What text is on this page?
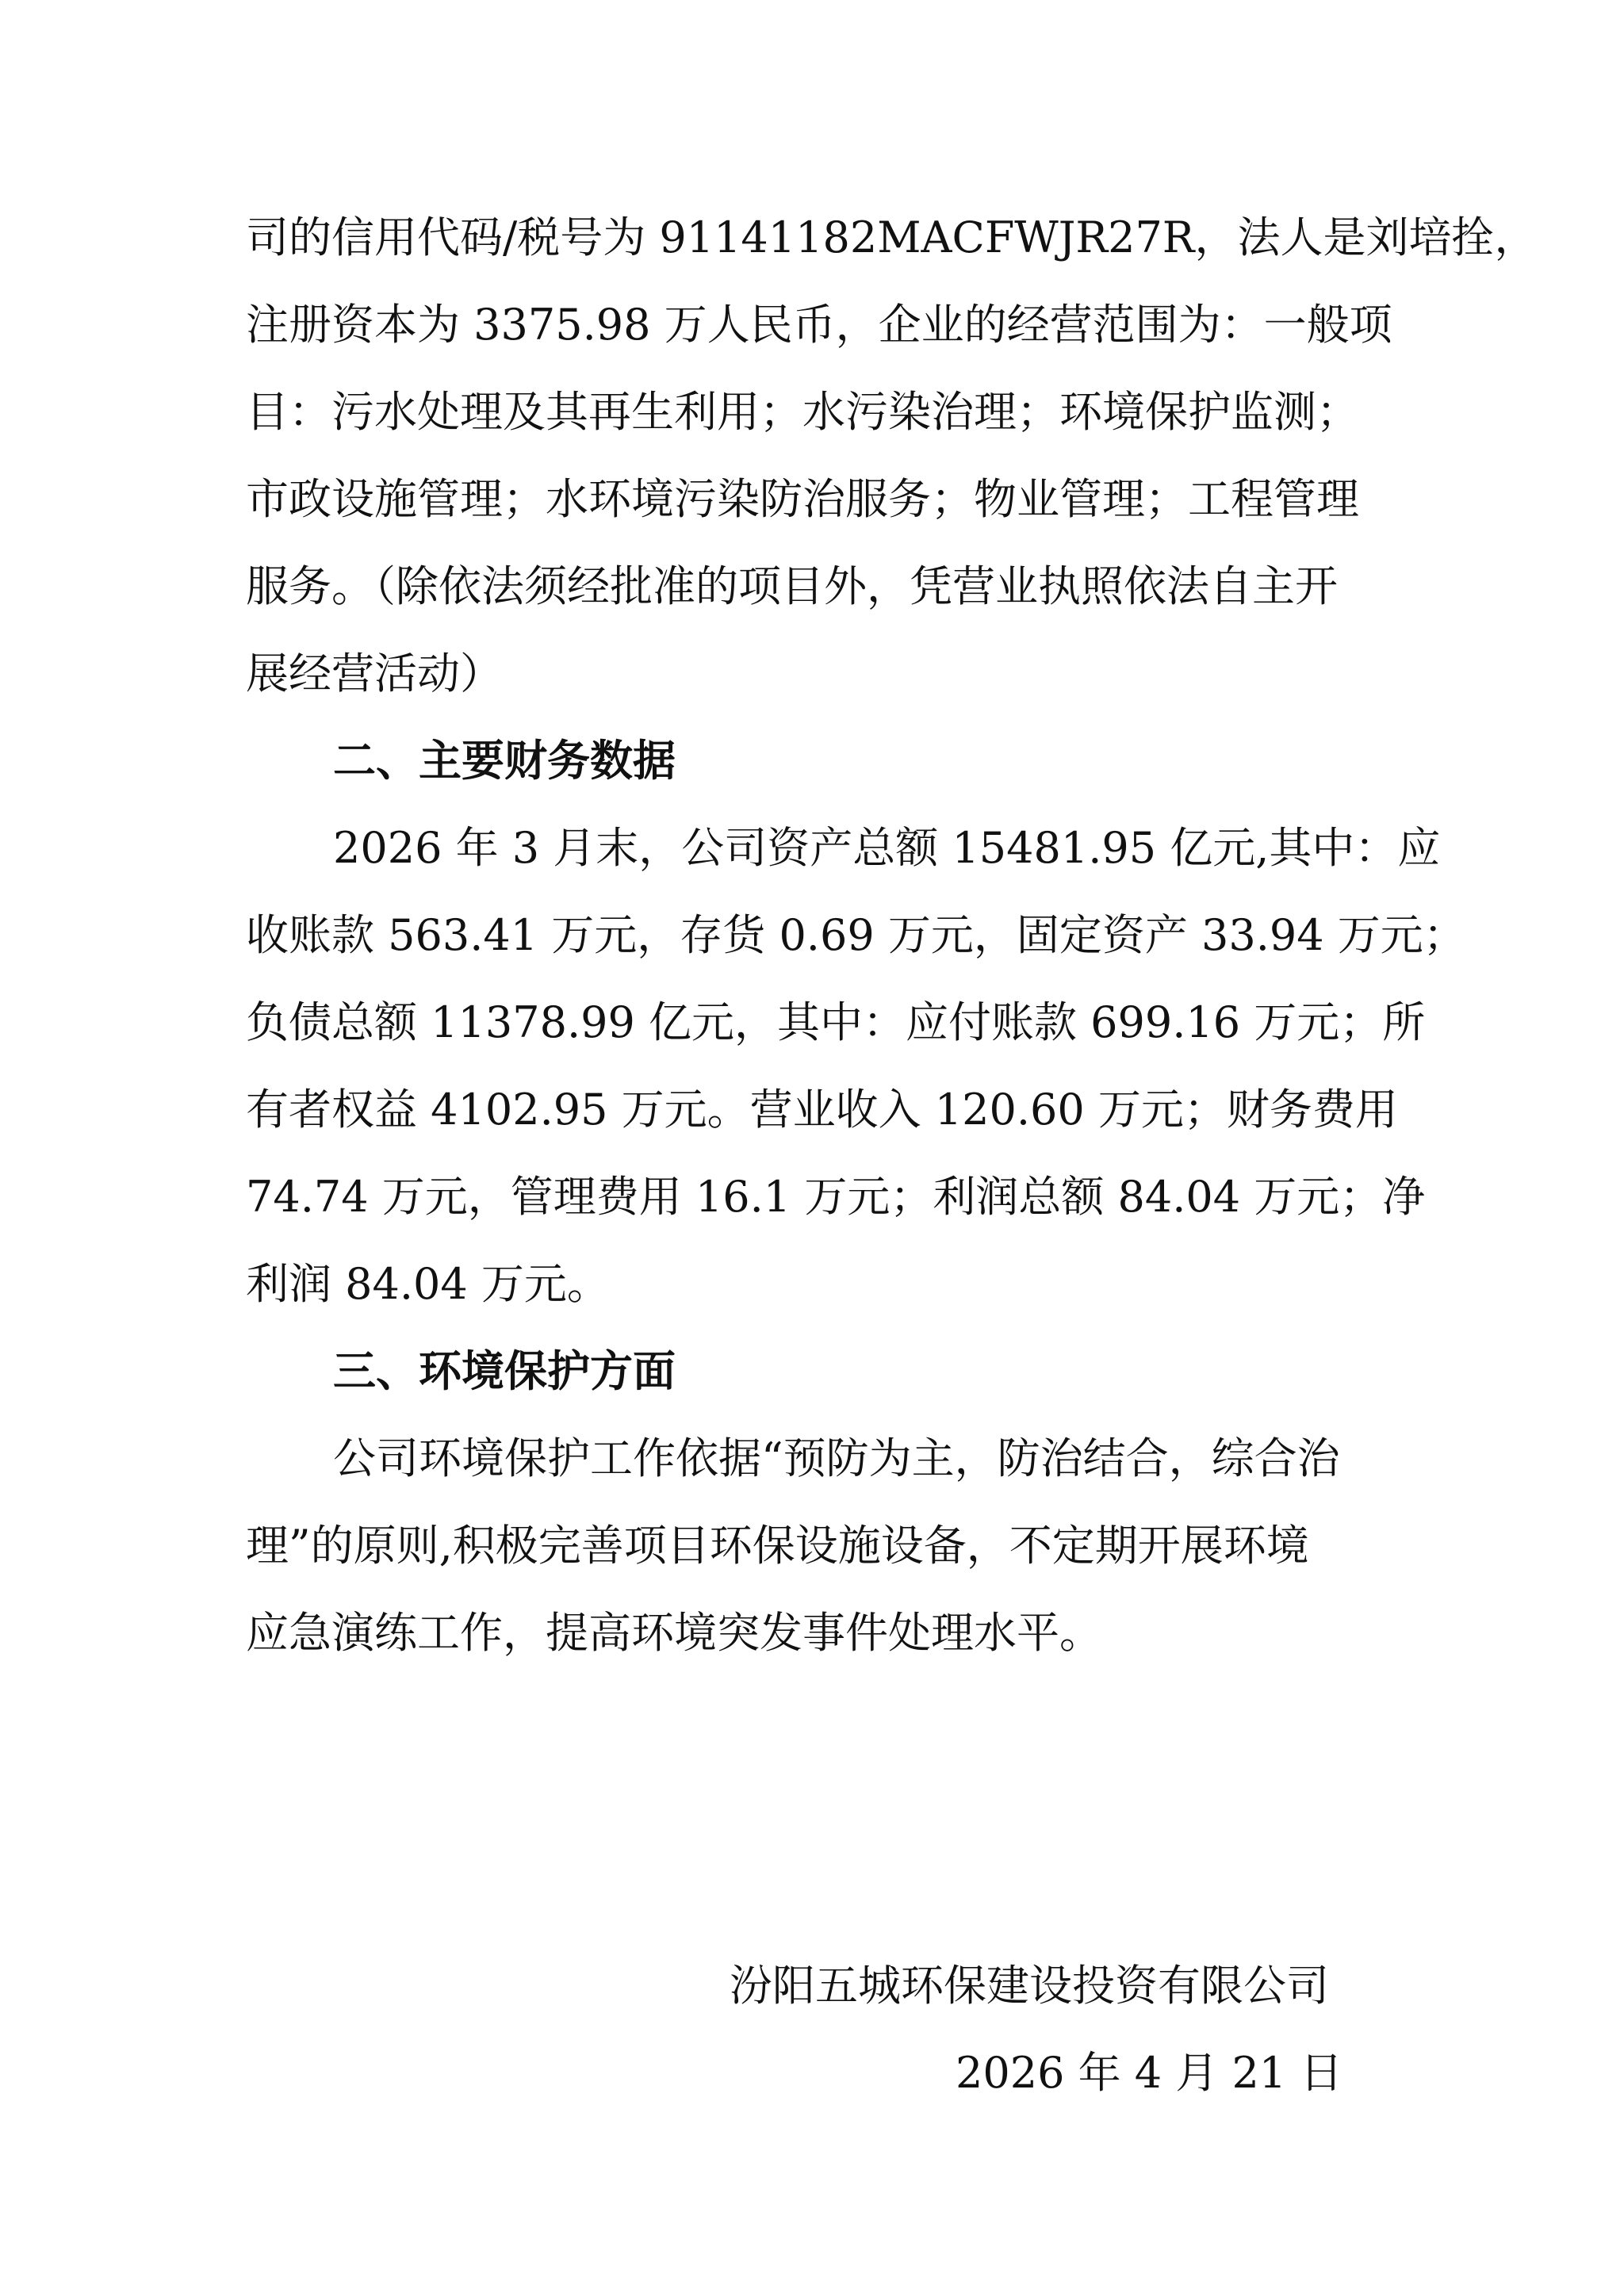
司的信用代码/税号为 91141182MACFWJR27R，法人是刘培拴，
注册资本为 3375.98 万人民币，企业的经营范围为：一般项
目：污水处理及其再生利用；水污染治理；环境保护监测；
市政设施管理；水环境污染防治服务；物业管理；工程管理
服务。（除依法须经批准的项目外，凭营业执照依法自主开
展经营活动）
二、主要财务数据
2026 年 3 月末，公司资产总额 15481.95 亿元,其中：应
收账款 563.41 万元，存货 0.69 万元，固定资产 33.94 万元；
负债总额 11378.99 亿元，其中：应付账款 699.16 万元；所
有者权益 4102.95 万元。营业收入 120.60 万元；财务费用
74.74 万元，管理费用 16.1 万元；利润总额 84.04 万元；净
利润 84.04 万元。
三、环境保护方面
公司环境保护工作依据“预防为主，防治结合，综合治
理”的原则,积极完善项目环保设施设备，不定期开展环境
应急演练工作，提高环境突发事件处理水平。
汾阳五城环保建设投资有限公司
2026 年 4 月 21 日
